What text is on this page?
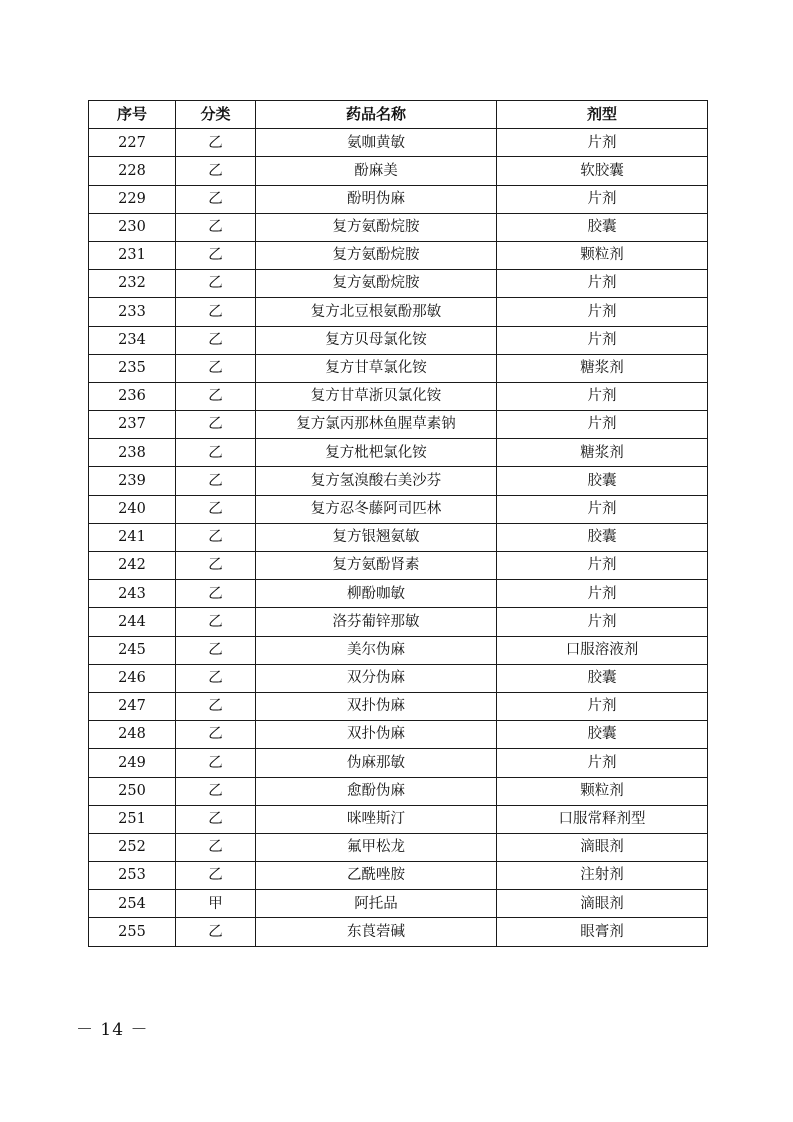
序号	分类	药品名称	剂型
227	乙	氨咖黄敏	片剂
228	乙	酚麻美	软胶囊
229	乙	酚明伪麻	片剂
230	乙	复方氨酚烷胺	胶囊
231	乙	复方氨酚烷胺	颗粒剂
232	乙	复方氨酚烷胺	片剂
233	乙	复方北豆根氨酚那敏	片剂
234	乙	复方贝母氯化铵	片剂
235	乙	复方甘草氯化铵	糖浆剂
236	乙	复方甘草浙贝氯化铵	片剂
237	乙	复方氯丙那林鱼腥草素钠	片剂
238	乙	复方枇杷氯化铵	糖浆剂
239	乙	复方氢溴酸右美沙芬	胶囊
240	乙	复方忍冬藤阿司匹林	片剂
241	乙	复方银翘氨敏	胶囊
242	乙	复方氨酚肾素	片剂
243	乙	柳酚咖敏	片剂
244	乙	洛芬葡锌那敏	片剂
245	乙	美尔伪麻	口服溶液剂
246	乙	双分伪麻	胶囊
247	乙	双扑伪麻	片剂
248	乙	双扑伪麻	胶囊
249	乙	伪麻那敏	片剂
250	乙	愈酚伪麻	颗粒剂
251	乙	咪唑斯汀	口服常释剂型
252	乙	氟甲松龙	滴眼剂
253	乙	乙酰唑胺	注射剂
254	甲	阿托品	滴眼剂
255	乙	东莨菪碱	眼膏剂
－ 14 －
